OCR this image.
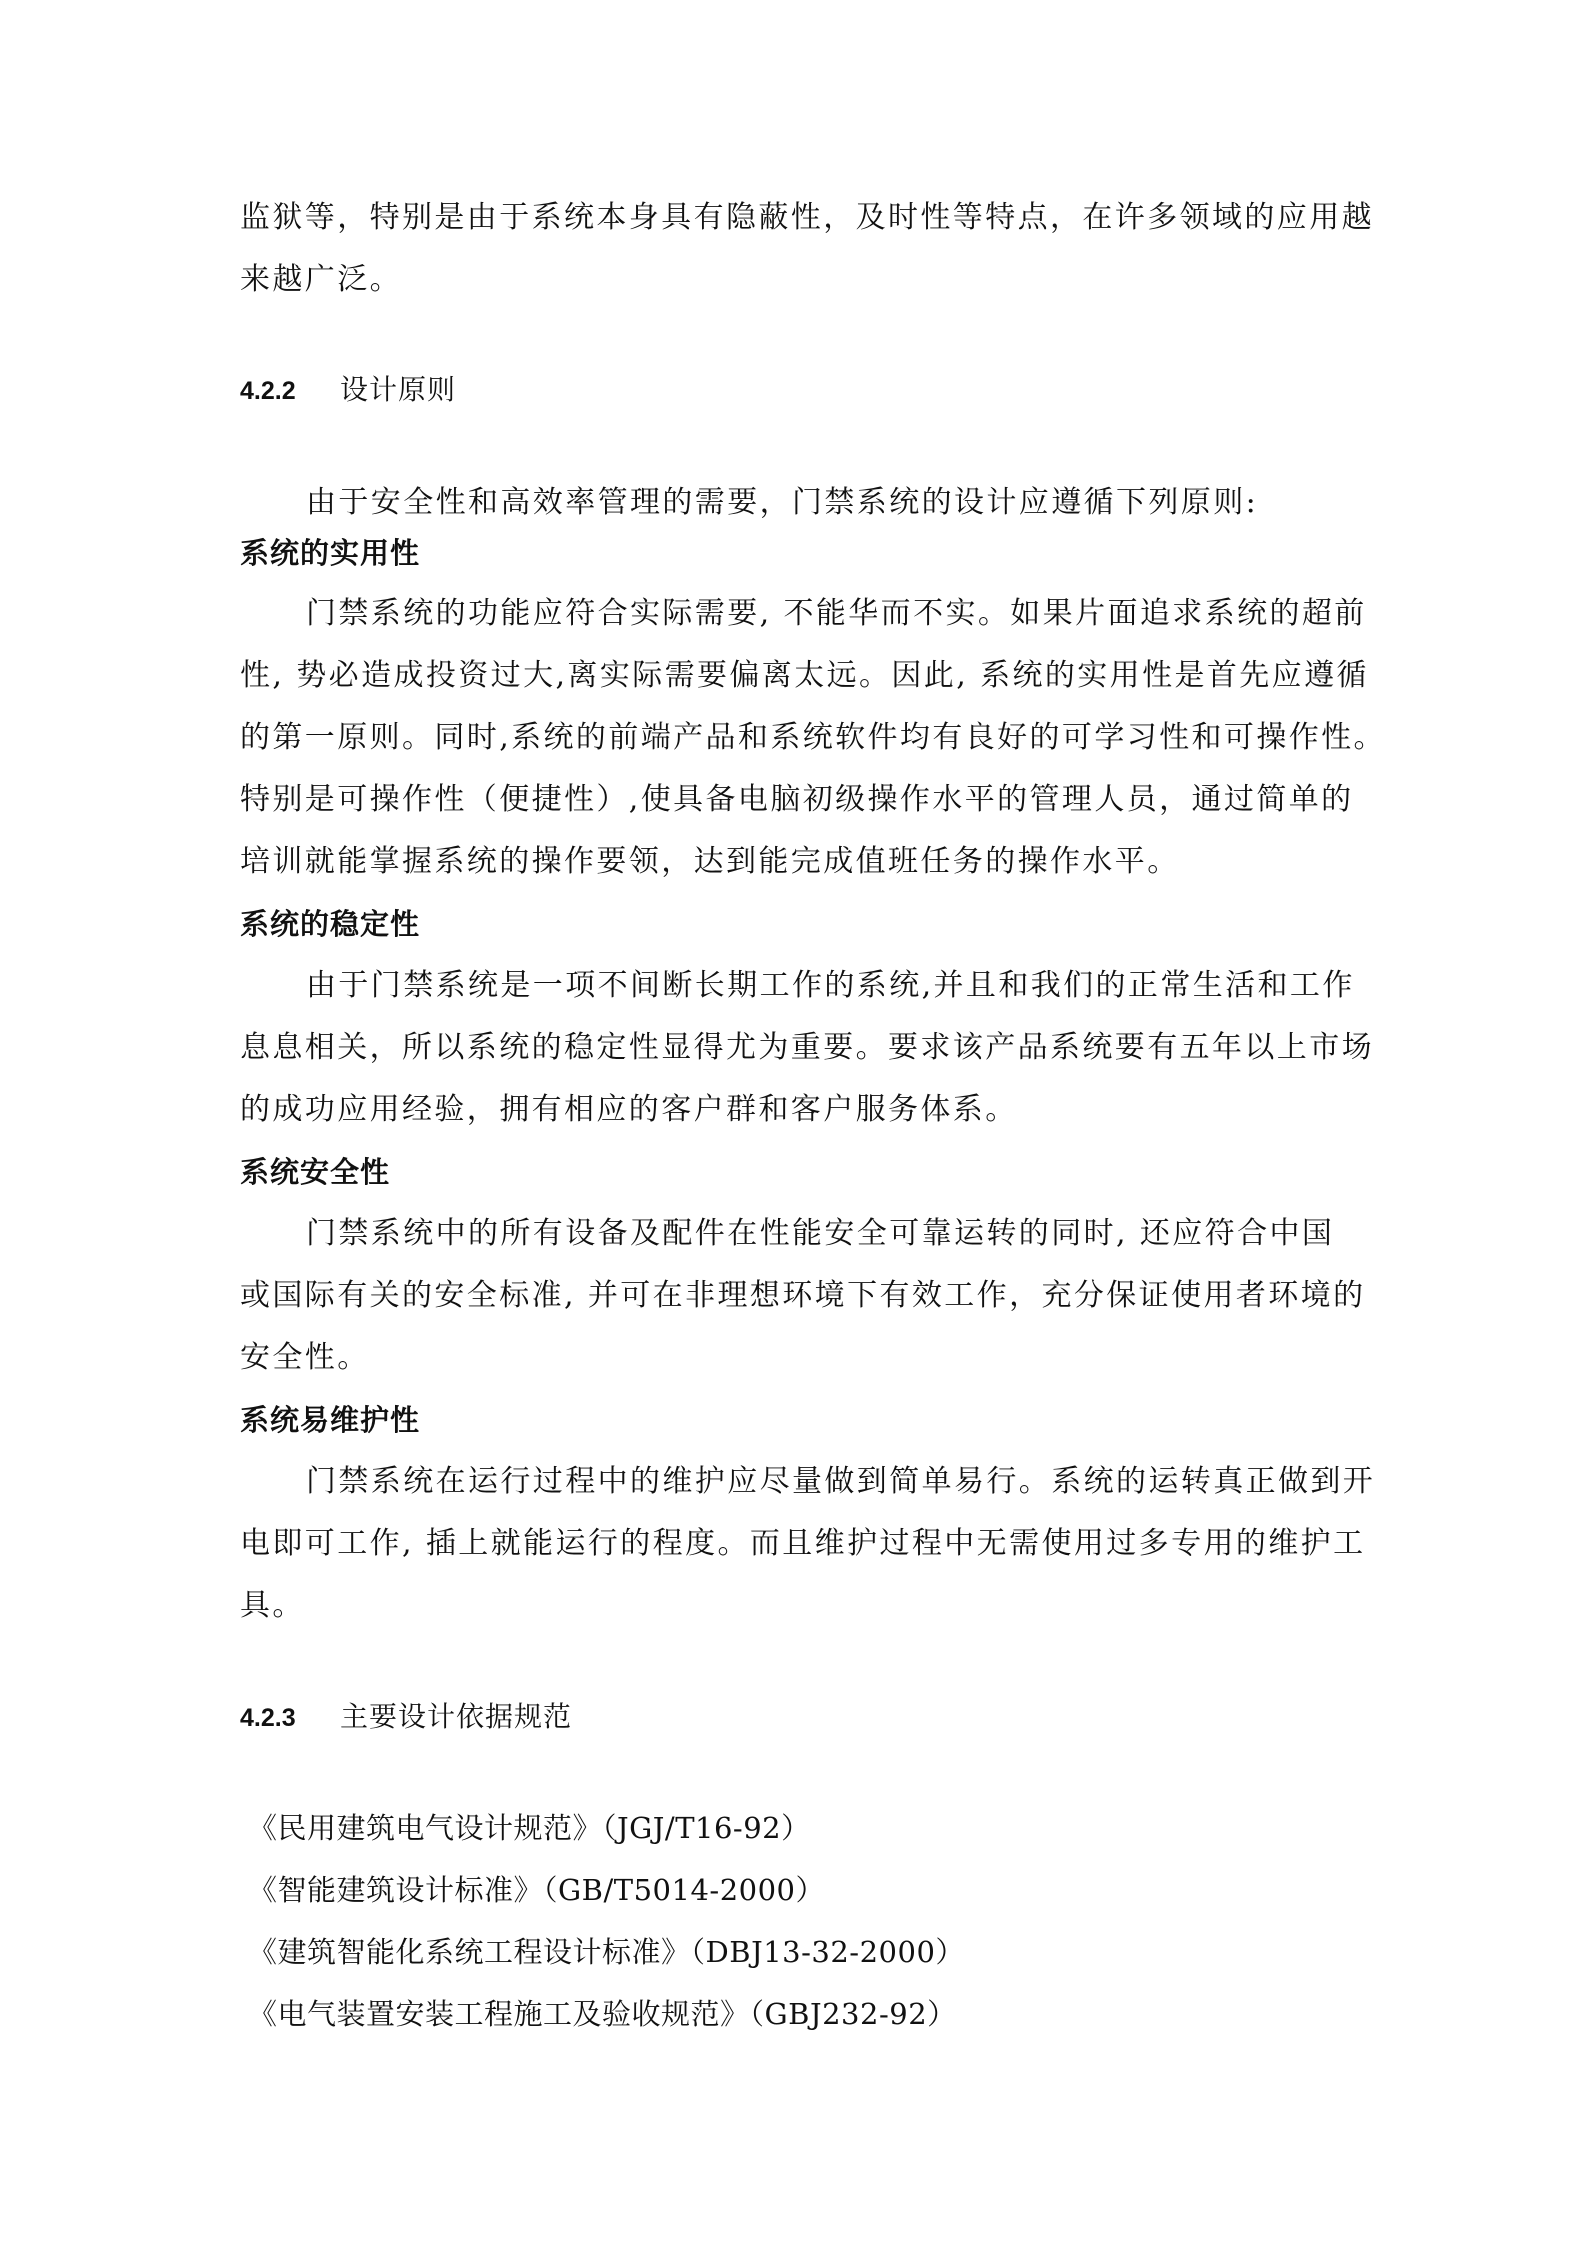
监狱等，特别是由于系统本身具有隐蔽性，及时性等特点，在许多领域的应用越
来越广泛。
4.2.2 设计原则
由于安全性和高效率管理的需要，门禁系统的设计应遵循下列原则:
系统的实用性
门禁系统的功能应符合实际需要, 不能华而不实。如果片面追求系统的超前
性, 势必造成投资过大,离实际需要偏离太远。因此, 系统的实用性是首先应遵循
的第一原则。同时,系统的前端产品和系统软件均有良好的可学习性和可操作性。
特别是可操作性（便捷性）,使具备电脑初级操作水平的管理人员，通过简单的
培训就能掌握系统的操作要领，达到能完成值班任务的操作水平。
系统的稳定性
由于门禁系统是一项不间断长期工作的系统,并且和我们的正常生活和工作
息息相关，所以系统的稳定性显得尤为重要。要求该产品系统要有五年以上市场
的成功应用经验，拥有相应的客户群和客户服务体系。
系统安全性
门禁系统中的所有设备及配件在性能安全可靠运转的同时, 还应符合中国
或国际有关的安全标准, 并可在非理想环境下有效工作，充分保证使用者环境的
安全性。
系统易维护性
门禁系统在运行过程中的维护应尽量做到简单易行。系统的运转真正做到开
电即可工作, 插上就能运行的程度。而且维护过程中无需使用过多专用的维护工
具。
4.2.3 主要设计依据规范
《民用建筑电气设计规范》（JGJ/T16-92）
《智能建筑设计标准》（GB/T5014-2000）
《建筑智能化系统工程设计标准》（DBJ13-32-2000）
《电气装置安装工程施工及验收规范》（GBJ232-92）
